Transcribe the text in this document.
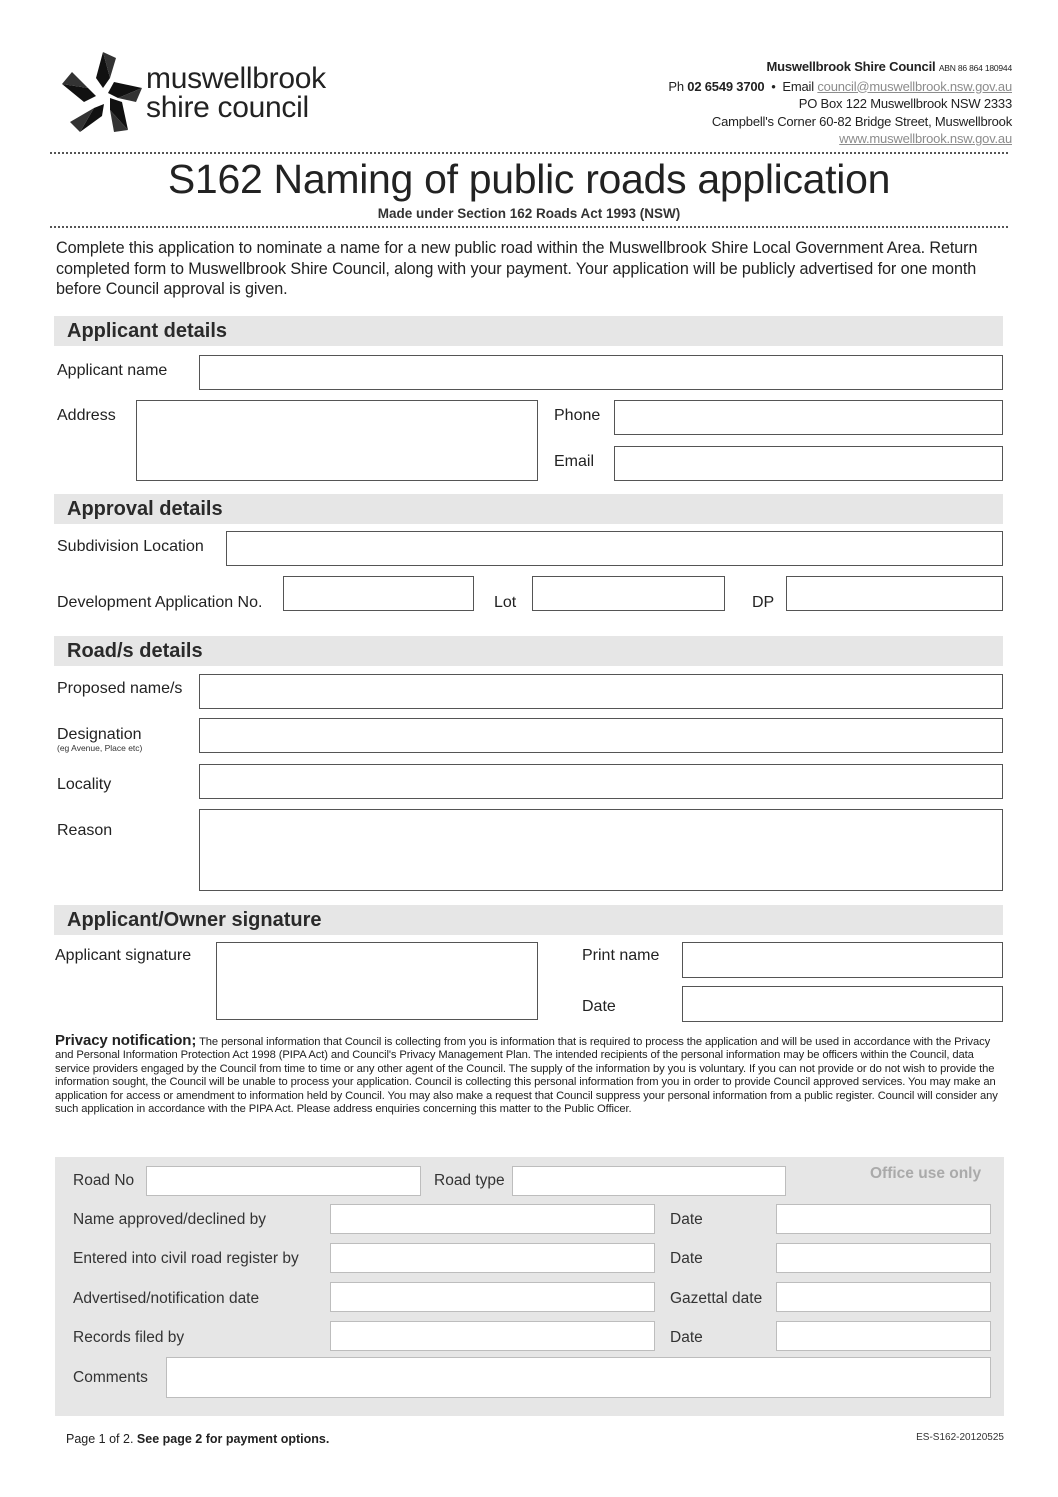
muswellbrook
shire council
Muswellbrook Shire Council ABN 86 864 180944
Ph 02 6549 3700  •  Email council@muswellbrook.nsw.gov.au
PO Box 122 Muswellbrook NSW 2333
Campbell's Corner 60-82 Bridge Street, Muswellbrook
www.muswellbrook.nsw.gov.au
S162 Naming of public roads application
Made under Section 162 Roads Act 1993 (NSW)
Complete this application to nominate a name for a new public road within the Muswellbrook Shire Local Government Area. Return completed form to Muswellbrook Shire Council, along with your payment. Your application will be publicly advertised for one month before Council approval is given.
Applicant details
Applicant name
Address	Phone
Email
Approval details
Subdivision Location
Development Application No.	Lot	DP
Road/s details
Proposed name/s
Designation
(eg Avenue, Place etc)
Locality
Reason
Applicant/Owner signature
Applicant signature	Print name
Date
Privacy notification; The personal information that Council is collecting from you is information that is required to process the application and will be used in accordance with the Privacy and Personal Information Protection Act 1998 (PIPA Act) and Council's Privacy Management Plan. The intended recipients of the personal information may be officers within the Council, data service providers engaged by the Council from time to time or any other agent of the Council. The supply of the information by you is voluntary. If you can not provide or do not wish to provide the information sought, the Council will be unable to process your application. Council is collecting this personal information from you in order to provide Council approved services. You may make an application for access or amendment to information held by Council. You may also make a request that Council suppress your personal information from a public register. Council will consider any such application in accordance with the PIPA Act. Please address enquiries concerning this matter to the Public Officer.
Office use only
Road No	Road type
Name approved/declined by	Date
Entered into civil road register by	Date
Advertised/notification date	Gazettal date
Records filed by	Date
Comments
Page 1 of 2. See page 2 for payment options.	ES-S162-20120525
